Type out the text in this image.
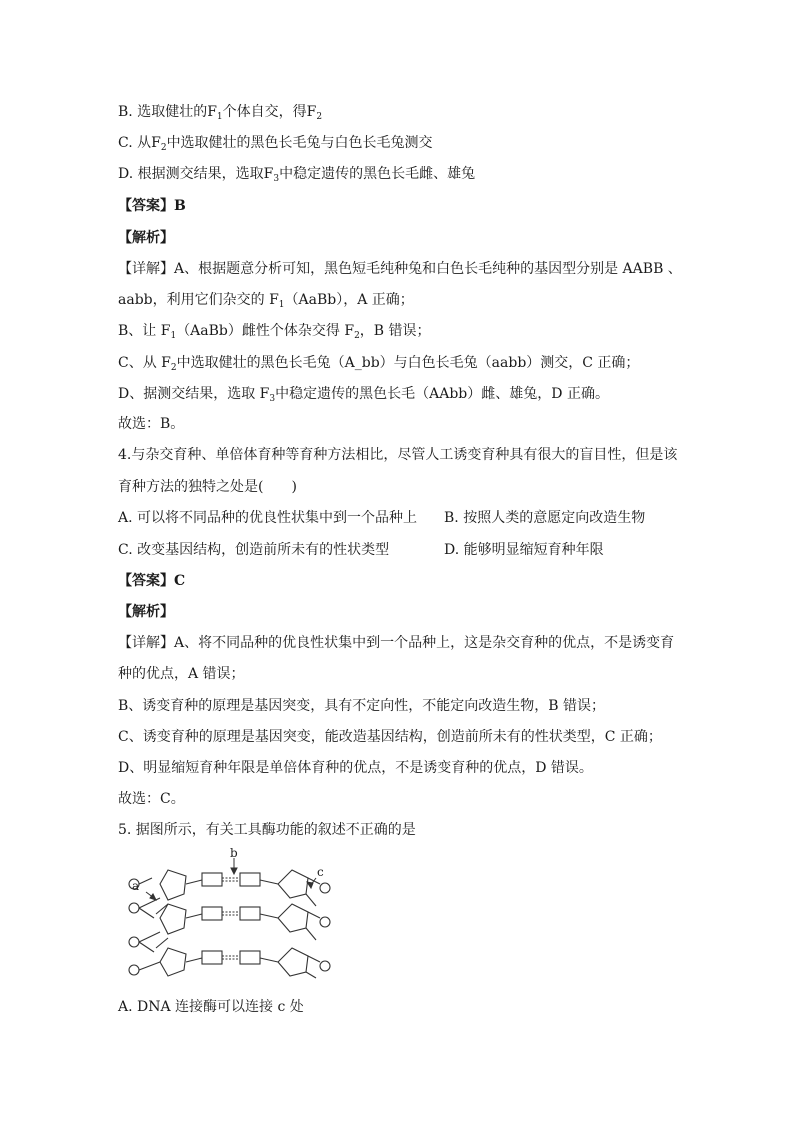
B. 选取健壮的$F_1$个体自交，得$F_2$
C. 从$F_2$中选取健壮的黑色长毛兔与白色长毛兔测交
D. 根据测交结果，选取$F_3$中稳定遗传的黑色长毛雌、雄兔
【答案】B
【解析】
【详解】A、根据题意分析可知，黑色短毛纯种兔和白色长毛纯种的基因型分别是 AABB 、
aabb，利用它们杂交的 $F_1(AaBb)$，A 正确；
B、让 $F_1(AaBb)$雌性个体杂交得 $F_2$，B 错误；
C、从 $F_2$中选取健壮的黑色长毛兔（A_bb）与白色长毛兔（aabb）测交，C 正确；
D、据测交结果，选取 $F_3$中稳定遗传的黑色长毛（AAbb）雌、雄兔，D 正确。
故选：B。
4.与杂交育种、单倍体育种等育种方法相比，尽管人工诱变育种具有很大的盲目性，但是该
育种方法的独特之处是(　　)
A. 可以将不同品种的优良性状集中到一个品种上 B. 按照人类的意愿定向改造生物
C. 改变基因结构，创造前所未有的性状类型	D. 能够明显缩短育种年限
【答案】C
【解析】
【详解】A、将不同品种的优良性状集中到一个品种上，这是杂交育种的优点，不是诱变育
种的优点，A 错误；
B、诱变育种的原理是基因突变，具有不定向性，不能定向改造生物，B 错误；
C、诱变育种的原理是基因突变，能改造基因结构，创造前所未有的性状类型，C 正确；
D、明显缩短育种年限是单倍体育种的优点，不是诱变育种的优点，D 错误。
故选：C。
5. 据图所示，有关工具酶功能的叙述不正确的是
b
a
c
A. DNA 连接酶可以连接 c 处
